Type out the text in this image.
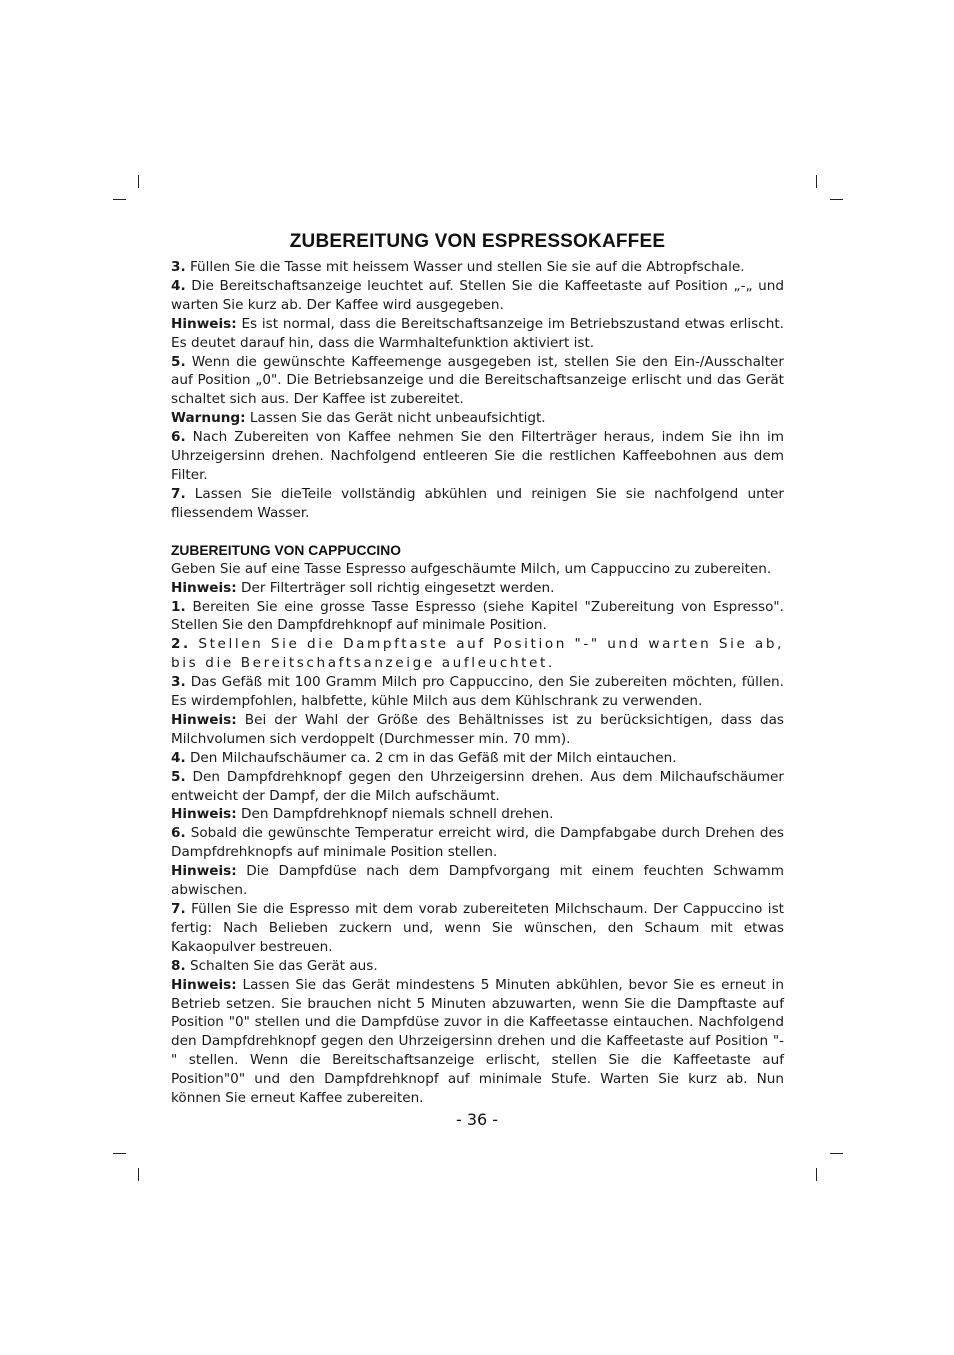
ZUBEREITUNG VON ESPRESSOKAFFEE

3. Füllen Sie die Tasse mit heissem Wasser und stellen Sie sie auf die Abtropfschale.

4. Die Bereitschaftsanzeige leuchtet auf. Stellen Sie die Kaffeetaste auf Position „-„ und warten Sie kurz ab. Der Kaffee wird ausgegeben.

Hinweis: Es ist normal, dass die Bereitschaftsanzeige im Betriebszustand etwas erlischt. Es deutet darauf hin, dass die Warmhaltefunktion aktiviert ist.

5. Wenn die gewünschte Kaffeemenge ausgegeben ist, stellen Sie den Ein-/Ausschalter auf Position „0". Die Betriebsanzeige und die Bereitschaftsanzeige erlischt und das Gerät schaltet sich aus. Der Kaffee ist zubereitet.

Warnung: Lassen Sie das Gerät nicht unbeaufsichtigt.

6. Nach Zubereiten von Kaffee nehmen Sie den Filterträger heraus, indem Sie ihn im Uhrzeigersinn drehen. Nachfolgend entleeren Sie die restlichen Kaffeebohnen aus dem Filter.

7. Lassen Sie dieTeile vollständig abkühlen und reinigen Sie sie nachfolgend unter fliessendem Wasser.

ZUBEREITUNG VON CAPPUCCINO

Geben Sie auf eine Tasse Espresso aufgeschäumte Milch, um Cappuccino zu zubereiten.

Hinweis: Der Filterträger soll richtig eingesetzt werden.

1. Bereiten Sie eine grosse Tasse Espresso (siehe Kapitel "Zubereitung von Espresso". Stellen Sie den Dampfdrehknopf auf minimale Position.

2. Stellen Sie die Dampftaste auf Position "-" und warten Sie ab, bis die Bereitschaftsanzeige aufleuchtet.

3. Das Gefäß mit 100 Gramm Milch pro Cappuccino, den Sie zubereiten möchten, füllen. Es wirdempfohlen, halbfette, kühle Milch aus dem Kühlschrank zu verwenden.

Hinweis: Bei der Wahl der Größe des Behältnisses ist zu berücksichtigen, dass das Milchvolumen sich verdoppelt (Durchmesser min. 70 mm).

4. Den Milchaufschäumer ca. 2 cm in das Gefäß mit der Milch eintauchen.

5. Den Dampfdrehknopf gegen den Uhrzeigersinn drehen. Aus dem Milchaufschäumer entweicht der Dampf, der die Milch aufschäumt.

Hinweis: Den Dampfdrehknopf niemals schnell drehen.

6. Sobald die gewünschte Temperatur erreicht wird, die Dampfabgabe durch Drehen des Dampfdrehknopfs auf minimale Position stellen.

Hinweis: Die Dampfdüse nach dem Dampfvorgang mit einem feuchten Schwamm abwischen.

7. Füllen Sie die Espresso mit dem vorab zubereiteten Milchschaum. Der Cappuccino ist fertig: Nach Belieben zuckern und, wenn Sie wünschen, den Schaum mit etwas Kakaopulver bestreuen.

8. Schalten Sie das Gerät aus.

Hinweis: Lassen Sie das Gerät mindestens 5 Minuten abkühlen, bevor Sie es erneut in Betrieb setzen. Sie brauchen nicht 5 Minuten abzuwarten, wenn Sie die Dampftaste auf Position "0" stellen und die Dampfdüse zuvor in die Kaffeetasse eintauchen. Nachfolgend den Dampfdrehknopf gegen den Uhrzeigersinn drehen und die Kaffeetaste auf Position "-" stellen. Wenn die Bereitschaftsanzeige erlischt, stellen Sie die Kaffeetaste auf Position"0" und den Dampfdrehknopf auf minimale Stufe. Warten Sie kurz ab. Nun können Sie erneut Kaffee zubereiten.

- 36 -
